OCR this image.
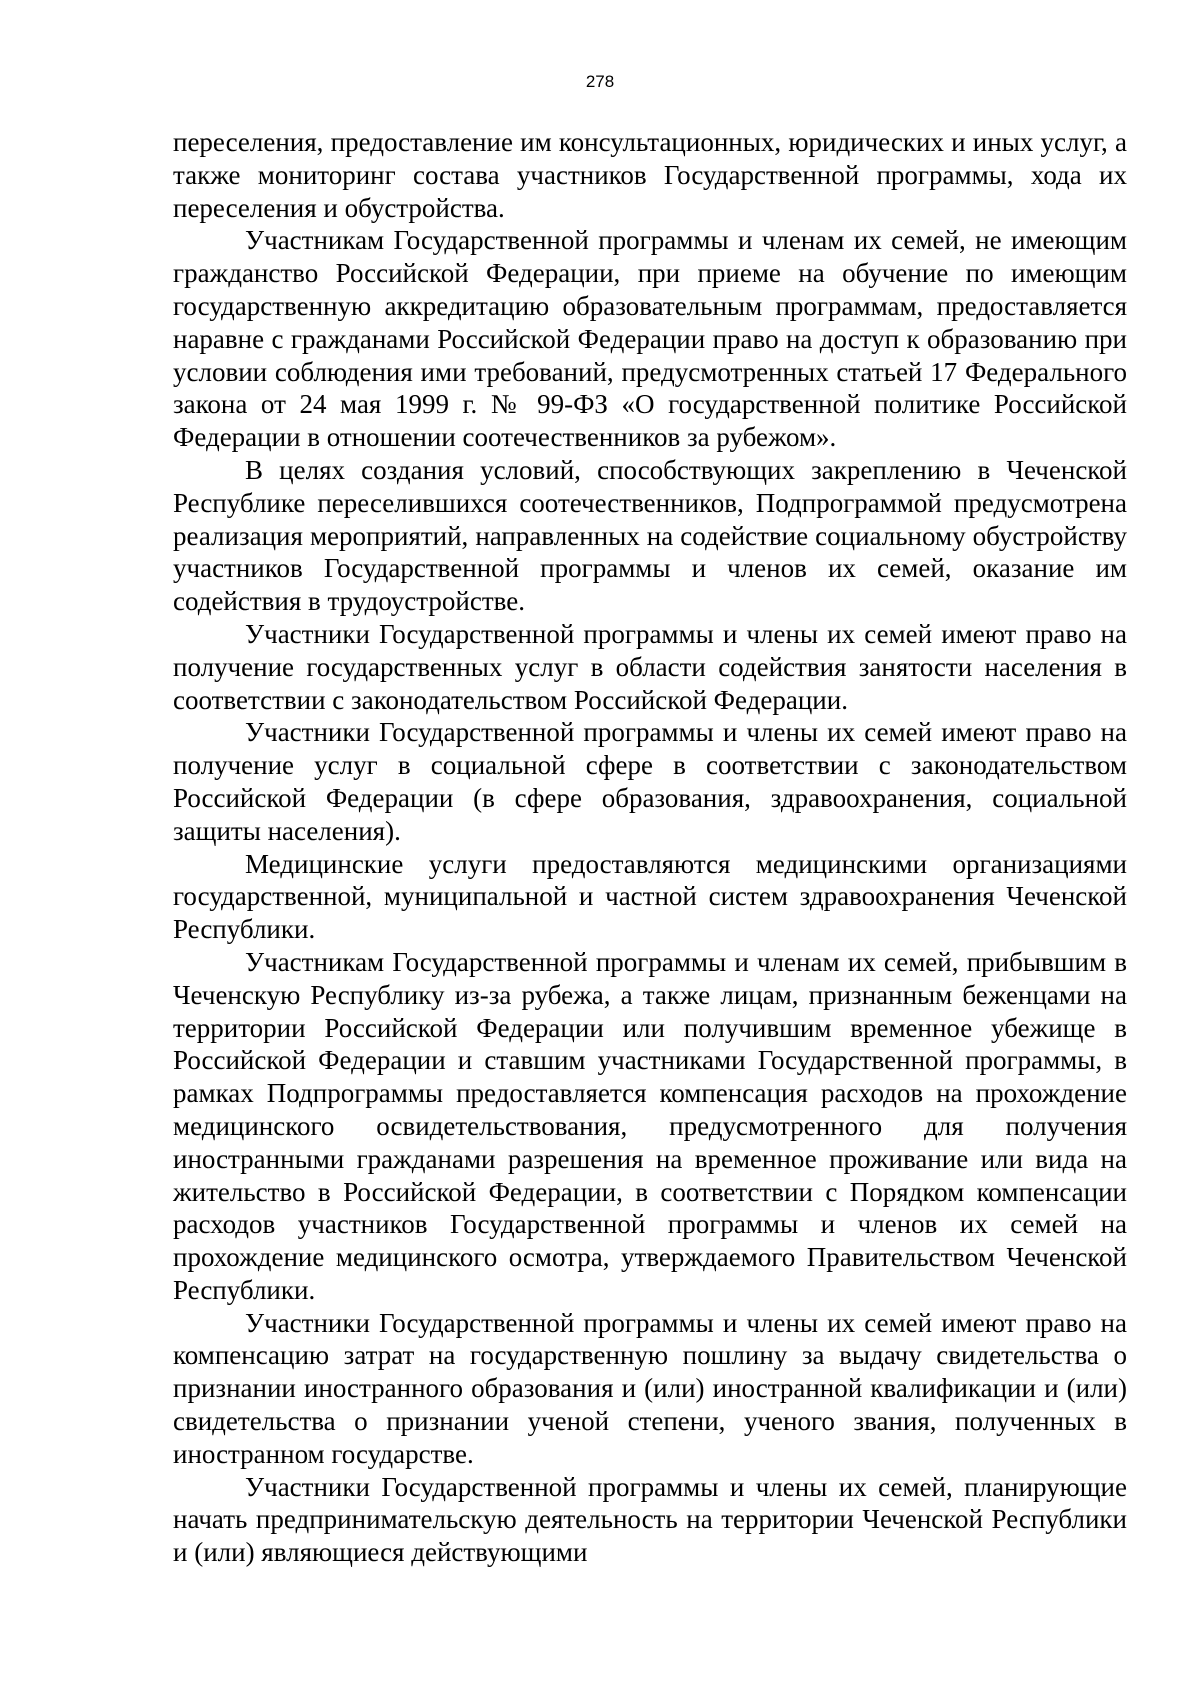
278

переселения, предоставление им консультационных, юридических и иных услуг, а также мониторинг состава участников Государственной программы, хода их переселения и обустройства.

Участникам Государственной программы и членам их семей, не имеющим гражданство Российской Федерации, при приеме на обучение по имеющим государственную аккредитацию образовательным программам, предоставляется наравне с гражданами Российской Федерации право на доступ к образованию при условии соблюдения ими требований, предусмотренных статьей 17 Федерального закона от 24 мая 1999 г. № 99-ФЗ «О государственной политике Российской Федерации в отношении соотечественников за рубежом».

В целях создания условий, способствующих закреплению в Чеченской Республике переселившихся соотечественников, Подпрограммой предусмотрена реализация мероприятий, направленных на содействие социальному обустройству участников Государственной программы и членов их семей, оказание им содействия в трудоустройстве.

Участники Государственной программы и члены их семей имеют право на получение государственных услуг в области содействия занятости населения в соответствии с законодательством Российской Федерации.

Участники Государственной программы и члены их семей имеют право на получение услуг в социальной сфере в соответствии с законодательством Российской Федерации (в сфере образования, здравоохранения, социальной защиты населения).

Медицинские услуги предоставляются медицинскими организациями государственной, муниципальной и частной систем здравоохранения Чеченской Республики.

Участникам Государственной программы и членам их семей, прибывшим в Чеченскую Республику из-за рубежа, а также лицам, признанным беженцами на территории Российской Федерации или получившим временное убежище в Российской Федерации и ставшим участниками Государственной программы, в рамках Подпрограммы предоставляется компенсация расходов на прохождение медицинского освидетельствования, предусмотренного для получения иностранными гражданами разрешения на временное проживание или вида на жительство в Российской Федерации, в соответствии с Порядком компенсации расходов участников Государственной программы и членов их семей на прохождение медицинского осмотра, утверждаемого Правительством Чеченской Республики.

Участники Государственной программы и члены их семей имеют право на компенсацию затрат на государственную пошлину за выдачу свидетельства о признании иностранного образования и (или) иностранной квалификации и (или) свидетельства о признании ученой степени, ученого звания, полученных в иностранном государстве.

Участники Государственной программы и члены их семей, планирующие начать предпринимательскую деятельность на территории Чеченской Республики и (или) являющиеся действующими
